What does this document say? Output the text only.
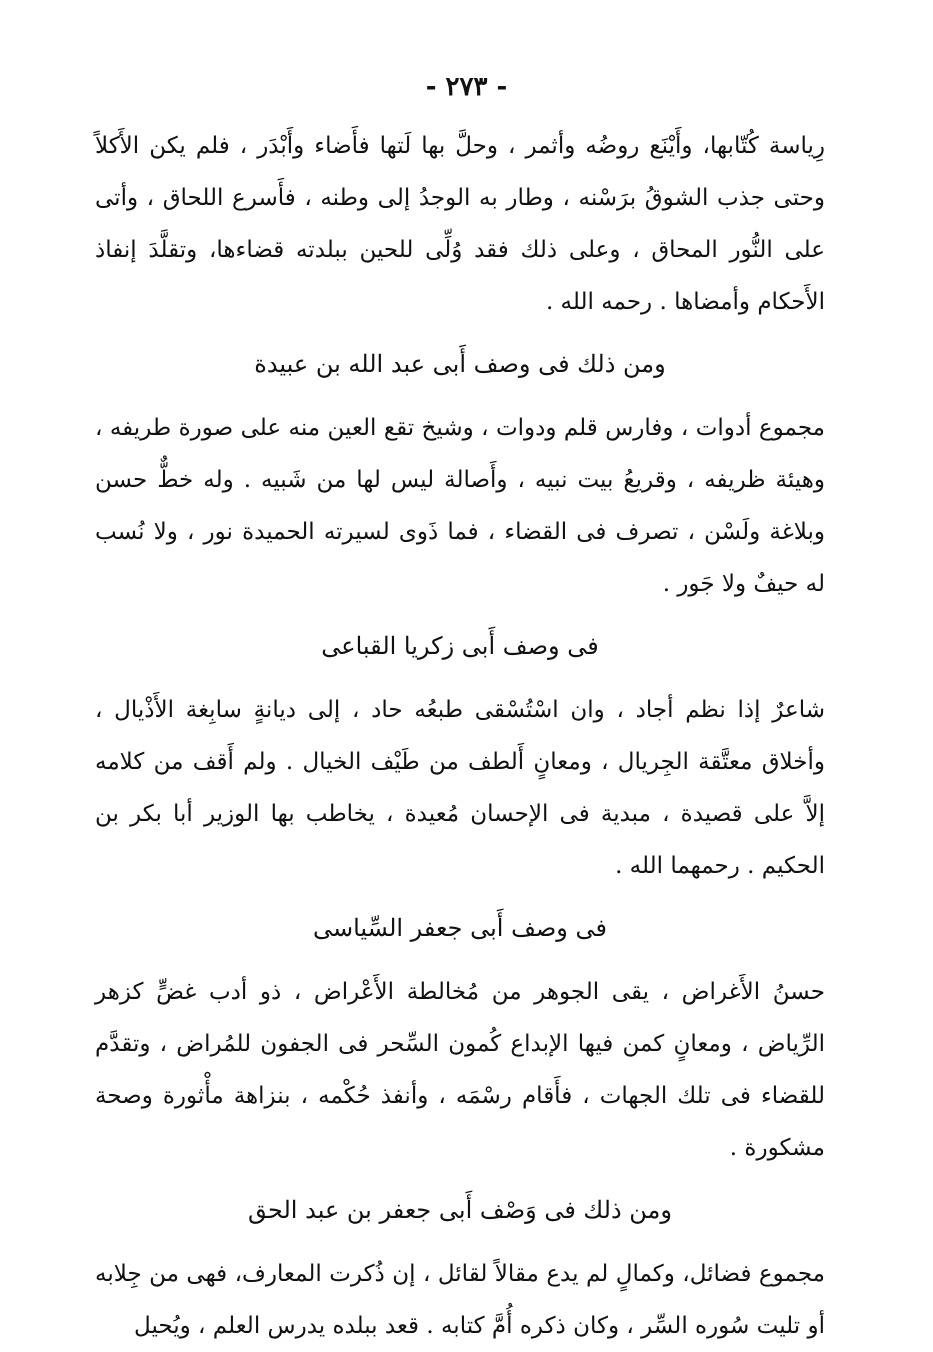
- ٢٧٣ -

رِياسة كُتّابها، وأَيْنَع روضُه وأثمر ، وحلَّ بها لَتها فأَضاء وأَبْدَر ، فلم يكن الأَكلاً وحتى جذب الشوقُ برَسْنه ، وطار به الوجدُ إلى وطنه ، فأَسرع اللحاق ، وأتى على النُّور المحاق ، وعلى ذلك فقد وُلِّى للحين ببلدته قضاءها، وتقلَّدَ إنفاذ الأَحكام وأمضاها . رحمه الله .

ومن ذلك فى وصف أَبى عبد الله بن عبيدة

مجموع أدوات ، وفارس قلم ودوات ، وشيخ تقع العين منه على صورة طريفه ، وهيئة ظريفه ، وقريعُ بيت نبيه ، وأَصالة ليس لها من شَبيه . وله خطٌّ حسن وبلاغة ولَسْن ، تصرف فى القضاء ، فما ذَوى لسيرته الحميدة نور ، ولا نُسب له حيفٌ ولا جَور .

فى وصف أَبى زكريا القباعى

شاعرٌ إذا نظم أجاد ، وان اسْتُسْقى طبعُه حاد ، إلى ديانةٍ سابِغة الأَذْيال ، وأخلاق معتَّقة الجِريال ، ومعانٍ أَلطف من طَيْف الخيال . ولم أَقف من كلامه إلاَّ على قصيدة ، مبدية فى الإحسان مُعيدة ، يخاطب بها الوزير أبا بكر بن الحكيم . رحمهما الله .

فى وصف أَبى جعفر السِّياسى

حسنُ الأَغراض ، يقى الجوهر من مُخالطة الأَعْراض ، ذو أدب غضٍّ كزهر الرِّياض ، ومعانٍ كمن فيها الإبداع كُمون السِّحر فى الجفون للمُراض ، وتقدَّم للقضاء فى تلك الجهات ، فأَقام رسْمَه ، وأنفذ حُكْمه ، بنزاهة مأْثورة وصحة مشكورة .

ومن ذلك فى وَصْف أَبى جعفر بن عبد الحق

مجموع فضائل، وكمالٍ لم يدع مقالاً لقائل ، إن ذُكرت المعارف، فهى من جِلابه أو تليت سُوره السِّر ، وكان ذكره أُمَّ كتابه . قعد ببلده يدرس العلم ، ويُحيل
